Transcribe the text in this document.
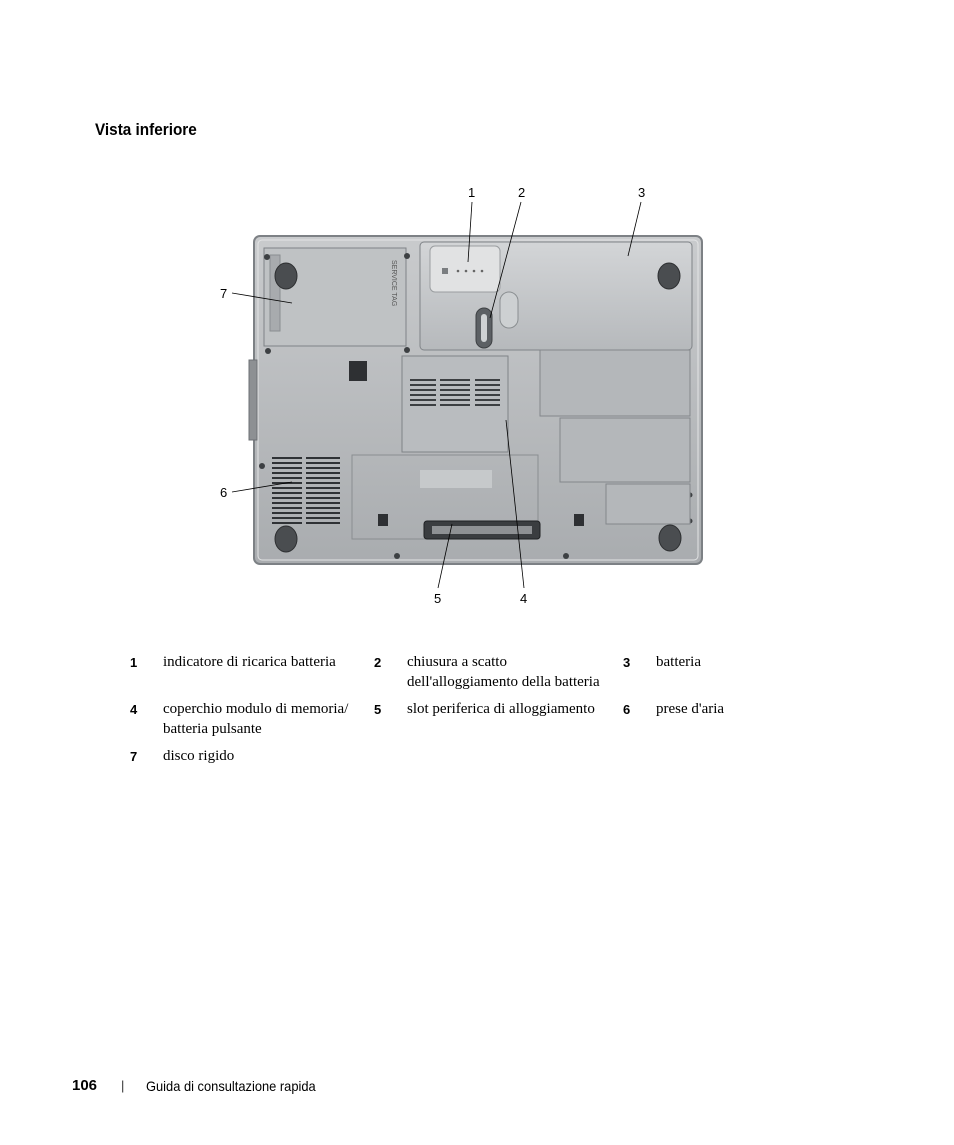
Vista inferiore
SERVICE TAG
1	2	3
4
5
6
7
1	indicatore di ricarica batteria	2	chiusura a scatto dell'alloggiamento della batteria	3	batteria
4	coperchio modulo di memoria/ batteria pulsante	5	slot periferica di alloggiamento	6	prese d'aria
7	disco rigido				
106 | Guida di consultazione rapida
